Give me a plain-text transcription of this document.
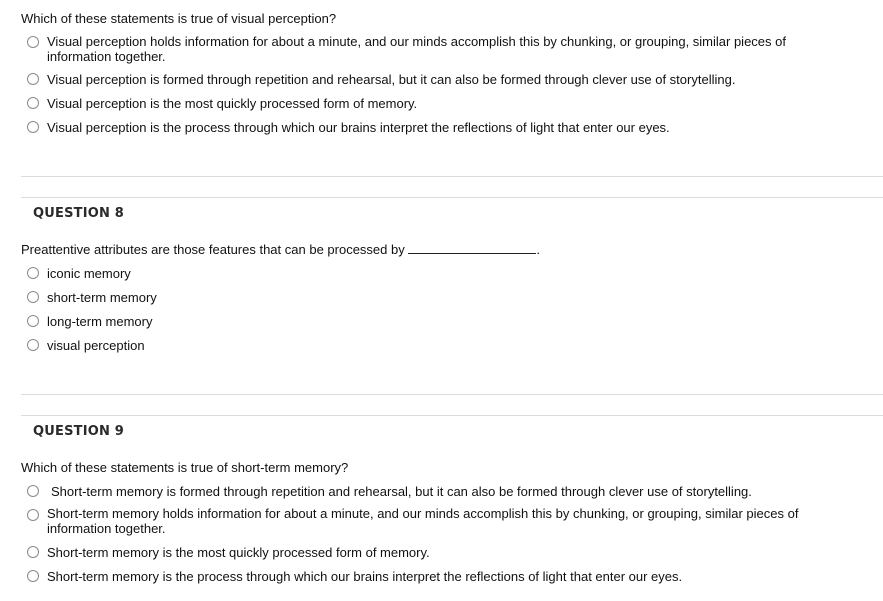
Which of these statements is true of visual perception?
Visual perception holds information for about a minute, and our minds accomplish this by chunking, or grouping, similar pieces of
information together.
Visual perception is formed through repetition and rehearsal, but it can also be formed through clever use of storytelling.
Visual perception is the most quickly processed form of memory.
Visual perception is the process through which our brains interpret the reflections of light that enter our eyes.
QUESTION 8
Preattentive attributes are those features that can be processed by	.
iconic memory
short-term memory
long-term memory
visual perception
QUESTION 9
Which of these statements is true of short-term memory?
Short-term memory is formed through repetition and rehearsal, but it can also be formed through clever use of storytelling.
Short-term memory holds information for about a minute, and our minds accomplish this by chunking, or grouping, similar pieces of
information together.
Short-term memory is the most quickly processed form of memory.
Short-term memory is the process through which our brains interpret the reflections of light that enter our eyes.
